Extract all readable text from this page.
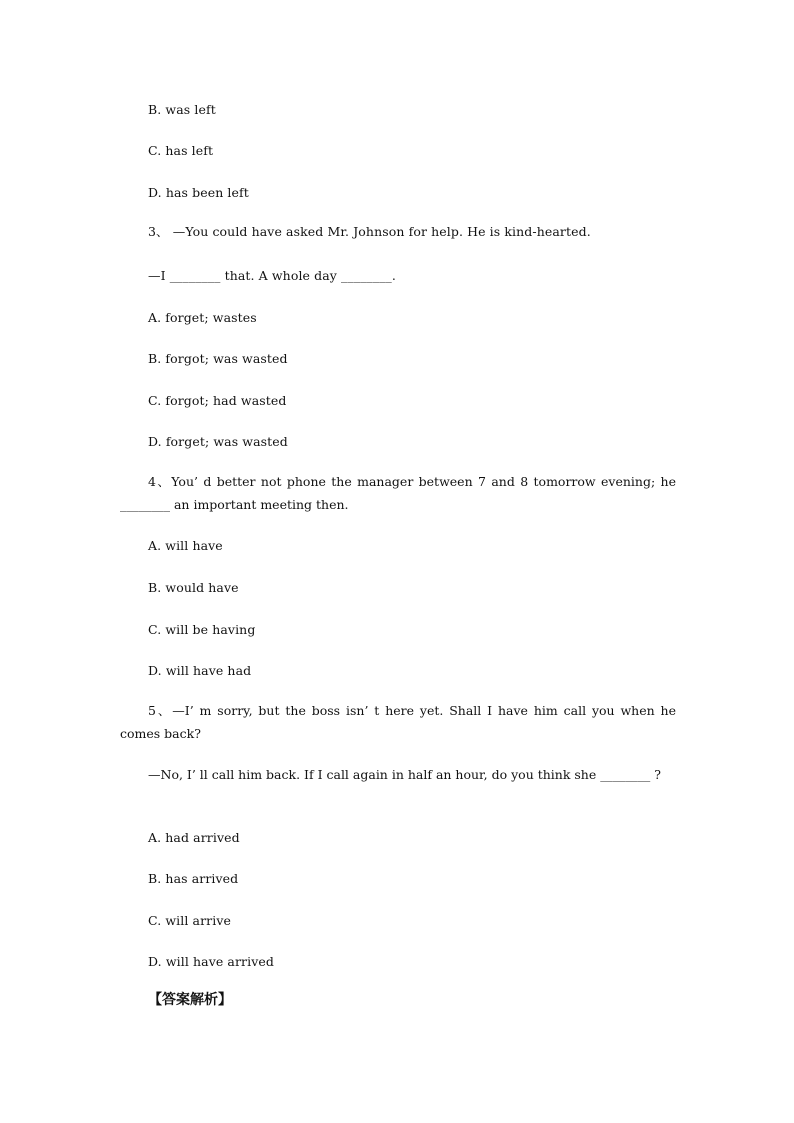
B. was left
C. has left
D. has been left
3、 —You could have asked Mr. Johnson for help. He is kind-hearted.
—I ________ that. A whole day ________.
A. forget; wastes
B. forgot; was wasted
C. forgot; had wasted
D. forget; was wasted
4、You’ d better not phone the manager between 7 and 8 tomorrow evening; he ________ an important meeting then.
A. will have
B. would have
C. will be having
D. will have had
5、—I’ m sorry, but the boss isn’ t here yet. Shall I have him call you when he comes back?
—No, I’ ll call him back. If I call again in half an hour, do you think she ________ ?
A. had arrived
B. has arrived
C. will arrive
D. will have arrived
【答案解析】
